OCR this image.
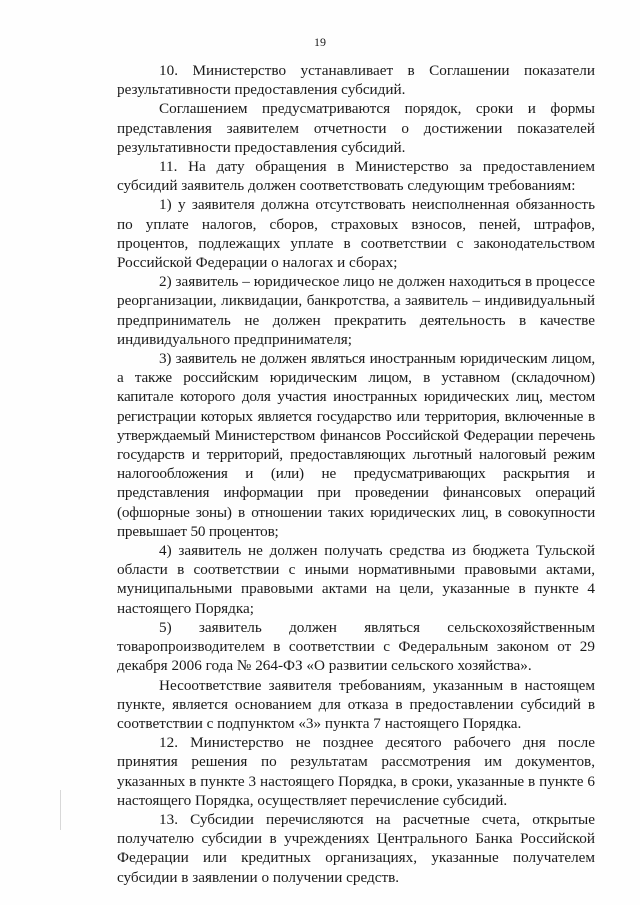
19

10. Министерство устанавливает в Соглашении показатели результативности предоставления субсидий.

Соглашением предусматриваются порядок, сроки и формы представления заявителем отчетности о достижении показателей результативности предоставления субсидий.

11. На дату обращения в Министерство за предоставлением субсидий заявитель должен соответствовать следующим требованиям:

1) у заявителя должна отсутствовать неисполненная обязанность по уплате налогов, сборов, страховых взносов, пеней, штрафов, процентов, подлежащих уплате в соответствии с законодательством Российской Федерации о налогах и сборах;

2) заявитель – юридическое лицо не должен находиться в процессе реорганизации, ликвидации, банкротства, а заявитель – индивидуальный предприниматель не должен прекратить деятельность в качестве индивидуального предпринимателя;

3) заявитель не должен являться иностранным юридическим лицом, а также российским юридическим лицом, в уставном (складочном) капитале которого доля участия иностранных юридических лиц, местом регистрации которых является государство или территория, включенные в утверждаемый Министерством финансов Российской Федерации перечень государств и территорий, предоставляющих льготный налоговый режим налогообложения и (или) не предусматривающих раскрытия и представления информации при проведении финансовых операций (офшорные зоны) в отношении таких юридических лиц, в совокупности превышает 50 процентов;

4) заявитель не должен получать средства из бюджета Тульской области в соответствии с иными нормативными правовыми актами, муниципальными правовыми актами на цели, указанные в пункте 4 настоящего Порядка;

5) заявитель должен являться сельскохозяйственным товаропроизводителем в соответствии с Федеральным законом от 29 декабря 2006 года № 264-ФЗ «О развитии сельского хозяйства».

Несоответствие заявителя требованиям, указанным в настоящем пункте, является основанием для отказа в предоставлении субсидий в соответствии с подпунктом «3» пункта 7 настоящего Порядка.

12. Министерство не позднее десятого рабочего дня после принятия решения по результатам рассмотрения им документов, указанных в пункте 3 настоящего Порядка, в сроки, указанные в пункте 6 настоящего Порядка, осуществляет перечисление субсидий.

13. Субсидии перечисляются на расчетные счета, открытые получателю субсидии в учреждениях Центрального Банка Российской Федерации или кредитных организациях, указанные получателем субсидии в заявлении о получении средств.
